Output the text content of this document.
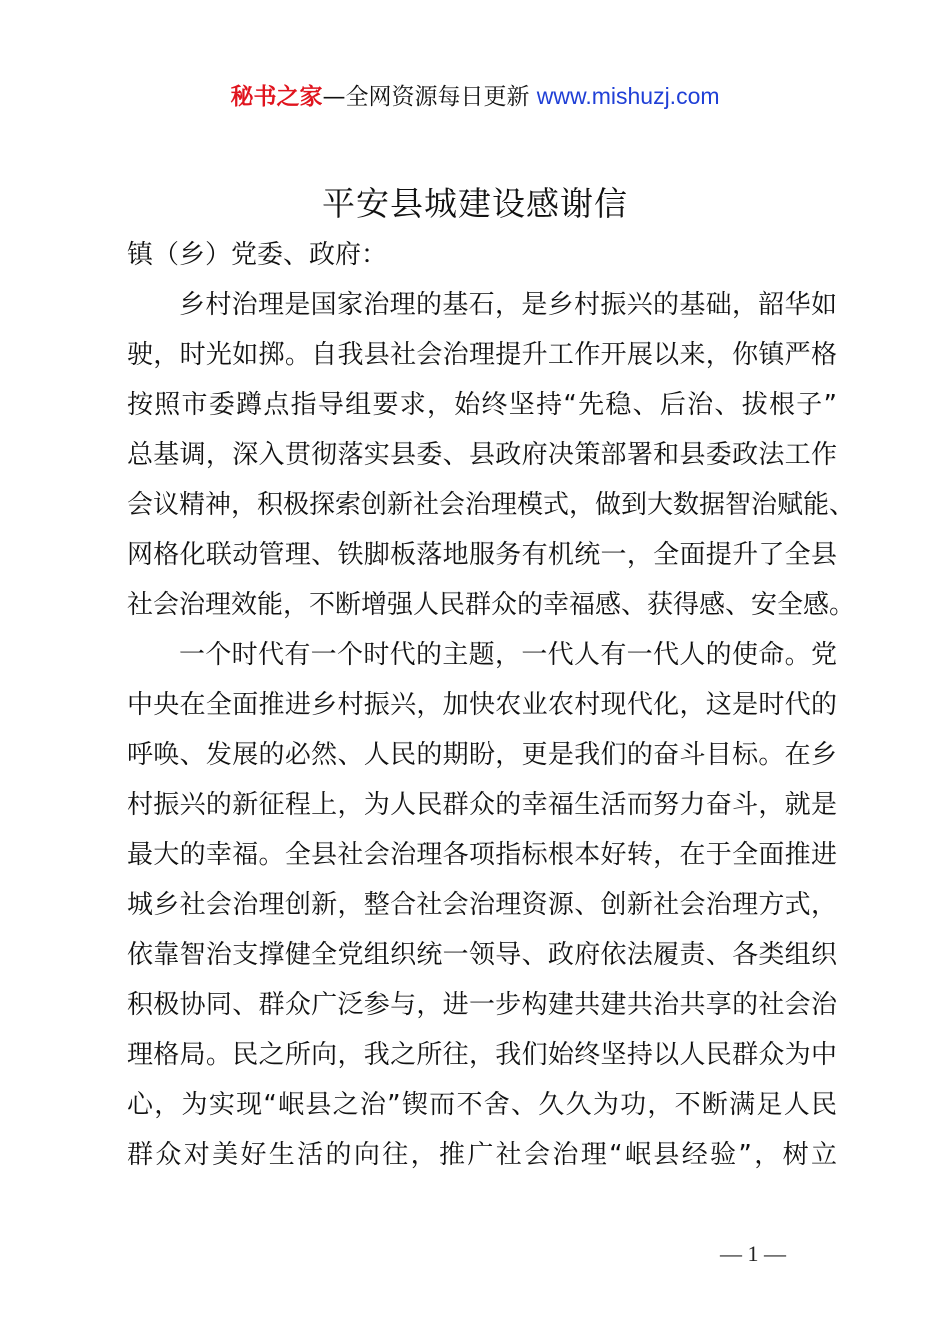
秘书之家—全网资源每日更新 www.mishuzj.com
平安县城建设感谢信
镇（乡）党委、政府：
乡村治理是国家治理的基石，是乡村振兴的基础，韶华如
驶，时光如掷。自我县社会治理提升工作开展以来，你镇严格
按照市委蹲点指导组要求，始终坚持“先稳、后治、拔根子”
总基调，深入贯彻落实县委、县政府决策部署和县委政法工作
会议精神，积极探索创新社会治理模式，做到大数据智治赋能、
网格化联动管理、铁脚板落地服务有机统一，全面提升了全县
社会治理效能，不断增强人民群众的幸福感、获得感、安全感。
一个时代有一个时代的主题，一代人有一代人的使命。党
中央在全面推进乡村振兴，加快农业农村现代化，这是时代的
呼唤、发展的必然、人民的期盼，更是我们的奋斗目标。在乡
村振兴的新征程上，为人民群众的幸福生活而努力奋斗，就是
最大的幸福。全县社会治理各项指标根本好转，在于全面推进
城乡社会治理创新，整合社会治理资源、创新社会治理方式，
依靠智治支撑健全党组织统一领导、政府依法履责、各类组织
积极协同、群众广泛参与，进一步构建共建共治共享的社会治
理格局。民之所向，我之所往，我们始终坚持以人民群众为中
心，为实现“岷县之治”锲而不舍、久久为功，不断满足人民
群众对美好生活的向往，推广社会治理“岷县经验”，树立
— 1 —
